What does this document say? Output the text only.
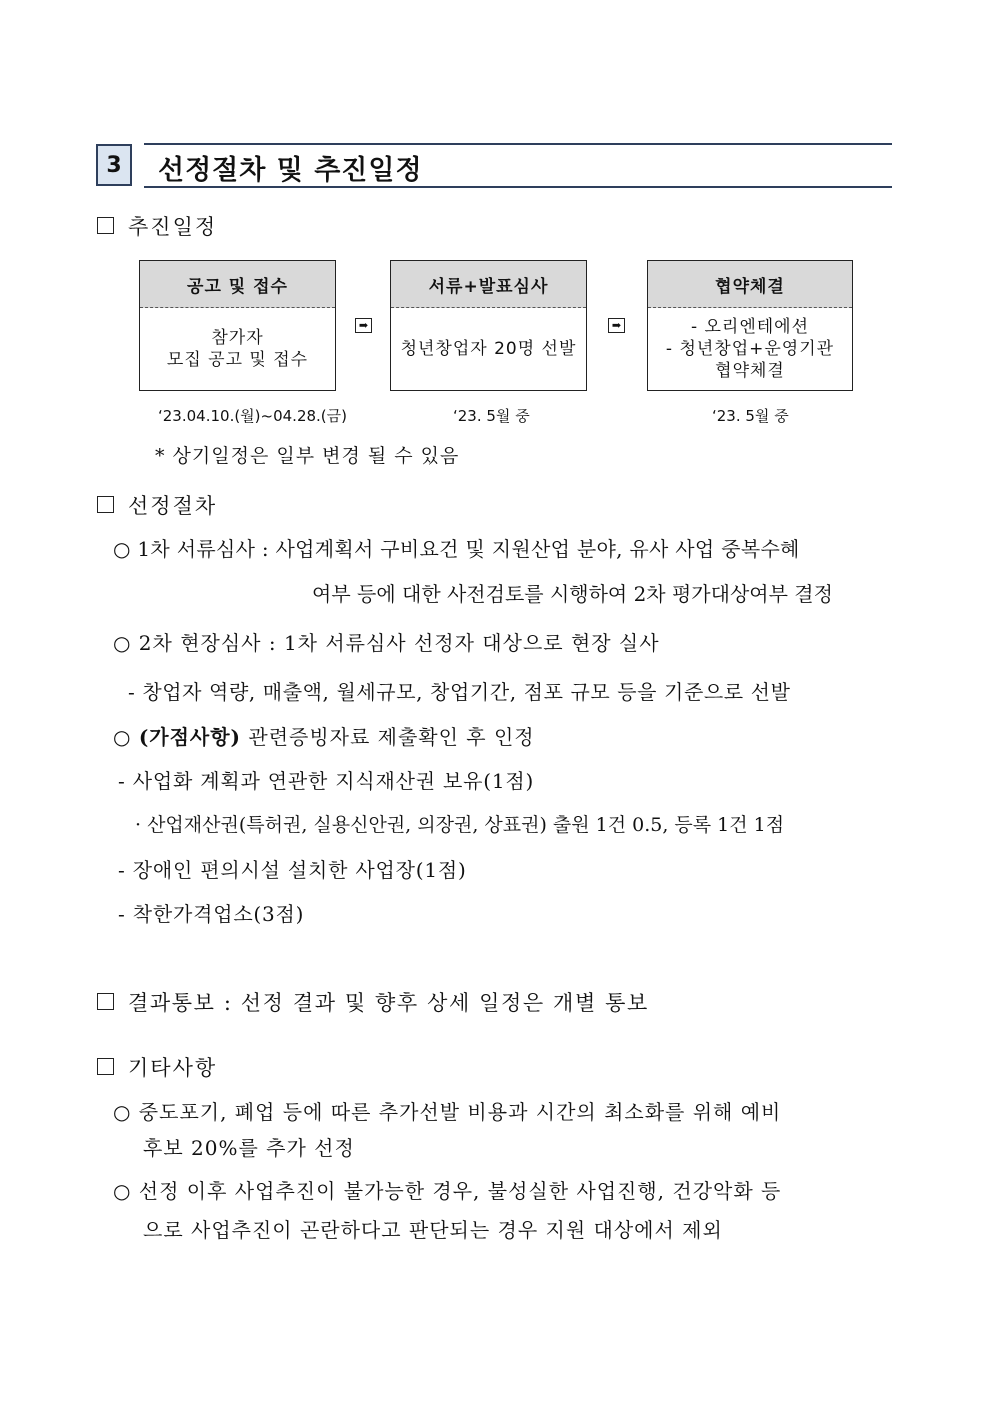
3	선정절차 및 추진일정
추진일정
공고 및 접수
참가자
모집 공고 및 접수
➡
서류+발표심사
청년창업자 20명 선발
➡
협약체결
- 오리엔테에션
- 청년창업+운영기관
협약체결
‘23.04.10.(월)~04.28.(금)	‘23. 5월 중	‘23. 5월 중
* 상기일정은 일부 변경 될 수 있음
선정절차
○ 1차 서류심사 : 사업계획서 구비요건 및 지원산업 분야, 유사 사업 중복수혜
여부 등에 대한 사전검토를 시행하여 2차 평가대상여부 결정
○ 2차 현장심사 : 1차 서류심사 선정자 대상으로 현장 실사
- 창업자 역량, 매출액, 월세규모, 창업기간, 점포 규모 등을 기준으로 선발
○ (가점사항) 관련증빙자료 제출확인 후 인정
- 사업화 계획과 연관한 지식재산권 보유(1점)
· 산업재산권(특허권, 실용신안권, 의장권, 상표권) 출원 1건 0.5, 등록 1건 1점
- 장애인 편의시설 설치한 사업장(1점)
- 착한가격업소(3점)
결과통보 : 선정 결과 및 향후 상세 일정은 개별 통보
기타사항
○ 중도포기, 폐업 등에 따른 추가선발 비용과 시간의 최소화를 위해 예비
후보 20%를 추가 선정
○ 선정 이후 사업추진이 불가능한 경우, 불성실한 사업진행, 건강악화 등
으로 사업추진이 곤란하다고 판단되는 경우 지원 대상에서 제외
